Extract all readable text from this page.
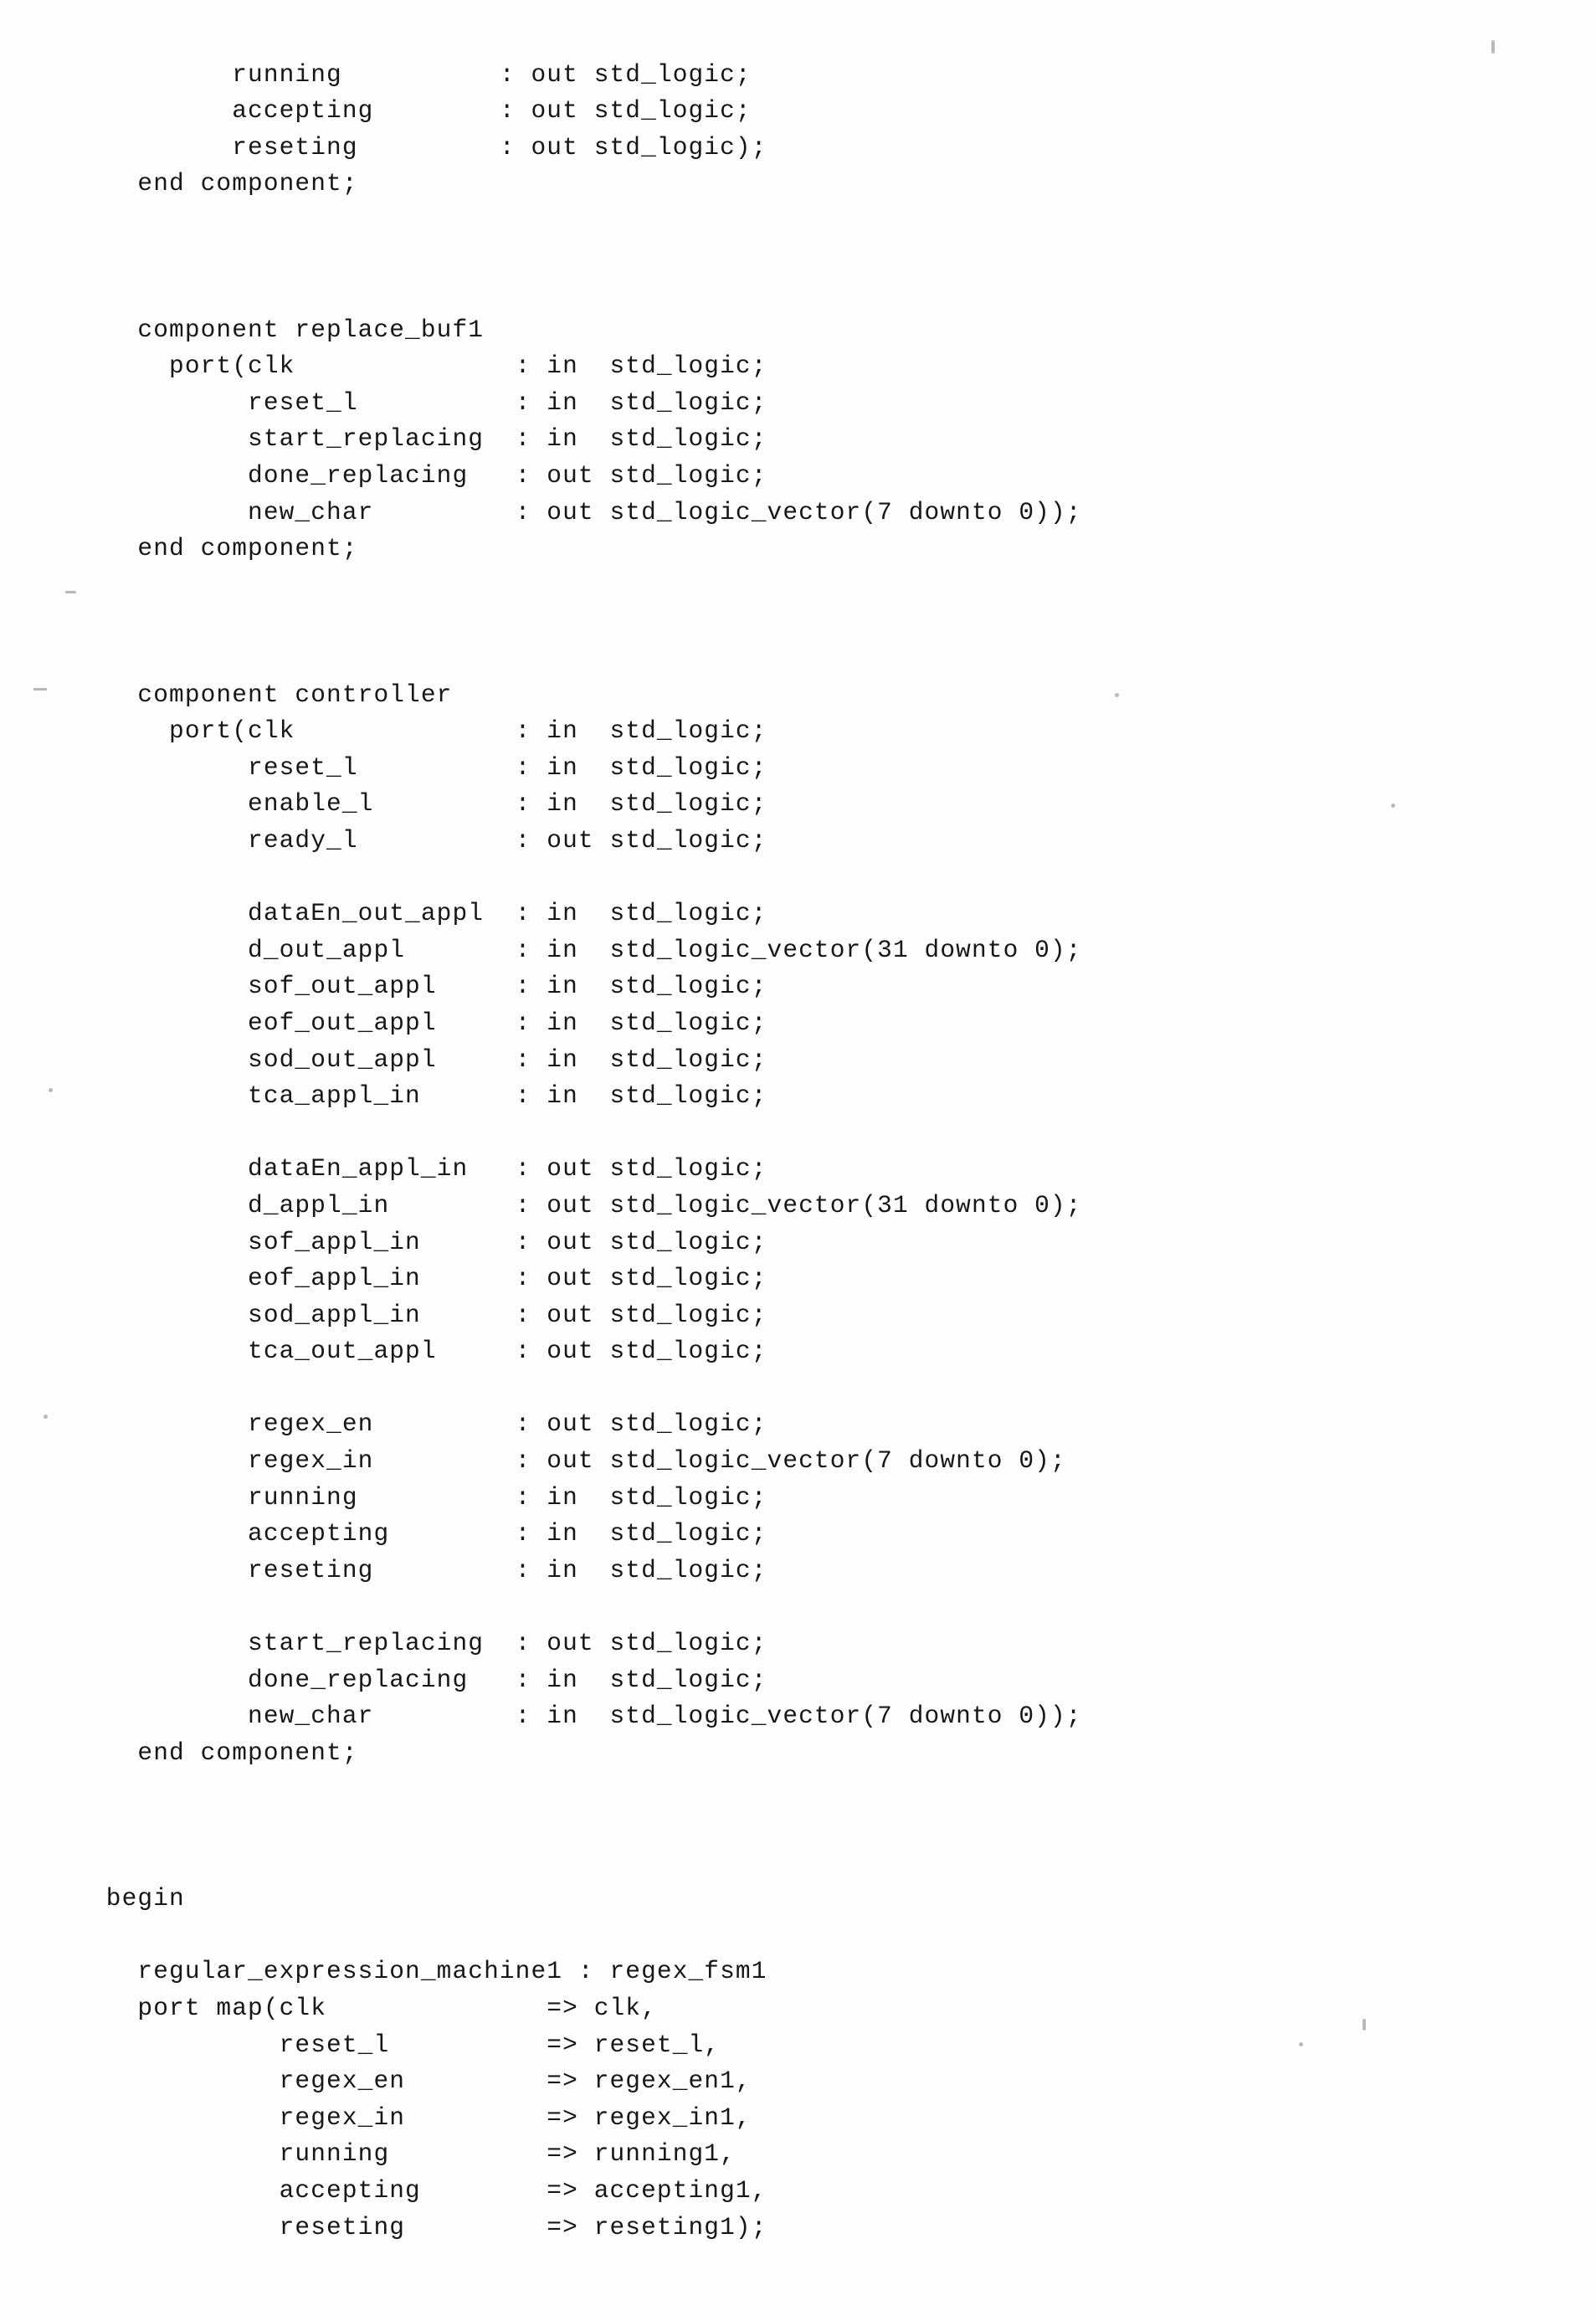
running          : out std_logic;
accepting        : out std_logic;
reseting         : out std_logic);
end component;
component replace_buf1
port(clk              : in  std_logic;
reset_l          : in  std_logic;
start_replacing  : in  std_logic;
done_replacing   : out std_logic;
new_char         : out std_logic_vector(7 downto 0));
end component;
component controller
port(clk              : in  std_logic;
reset_l          : in  std_logic;
enable_l         : in  std_logic;
ready_l          : out std_logic;
dataEn_out_appl  : in  std_logic;
d_out_appl       : in  std_logic_vector(31 downto 0);
sof_out_appl     : in  std_logic;
eof_out_appl     : in  std_logic;
sod_out_appl     : in  std_logic;
tca_appl_in      : in  std_logic;
dataEn_appl_in   : out std_logic;
d_appl_in        : out std_logic_vector(31 downto 0);
sof_appl_in      : out std_logic;
eof_appl_in      : out std_logic;
sod_appl_in      : out std_logic;
tca_out_appl     : out std_logic;
regex_en         : out std_logic;
regex_in         : out std_logic_vector(7 downto 0);
running          : in  std_logic;
accepting        : in  std_logic;
reseting         : in  std_logic;
start_replacing  : out std_logic;
done_replacing   : in  std_logic;
new_char         : in  std_logic_vector(7 downto 0));
end component;
begin
regular_expression_machine1 : regex_fsm1
port map(clk              => clk,
reset_l          => reset_l,
regex_en         => regex_en1,
regex_in         => regex_in1,
running          => running1,
accepting        => accepting1,
reseting         => reseting1);
